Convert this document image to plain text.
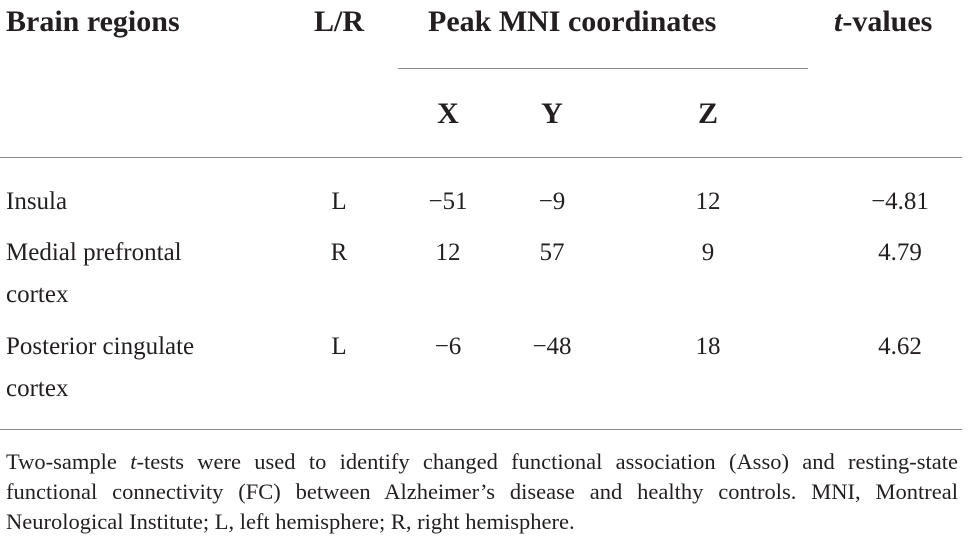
Brain regions	L/R	Peak MNI coordinates	t-values
X	Y	Z
Insula	L	−51	−9	12	−4.81
Medial prefrontal
cortex
R	12	57	9	4.79
Posterior cingulate
cortex
L	−6	−48	18	4.62
Two-sample t-tests were used to identify changed functional association (Asso) and resting-state functional connectivity (FC) between Alzheimer’s disease and healthy controls. MNI, Montreal Neurological Institute; L, left hemisphere; R, right hemisphere.
